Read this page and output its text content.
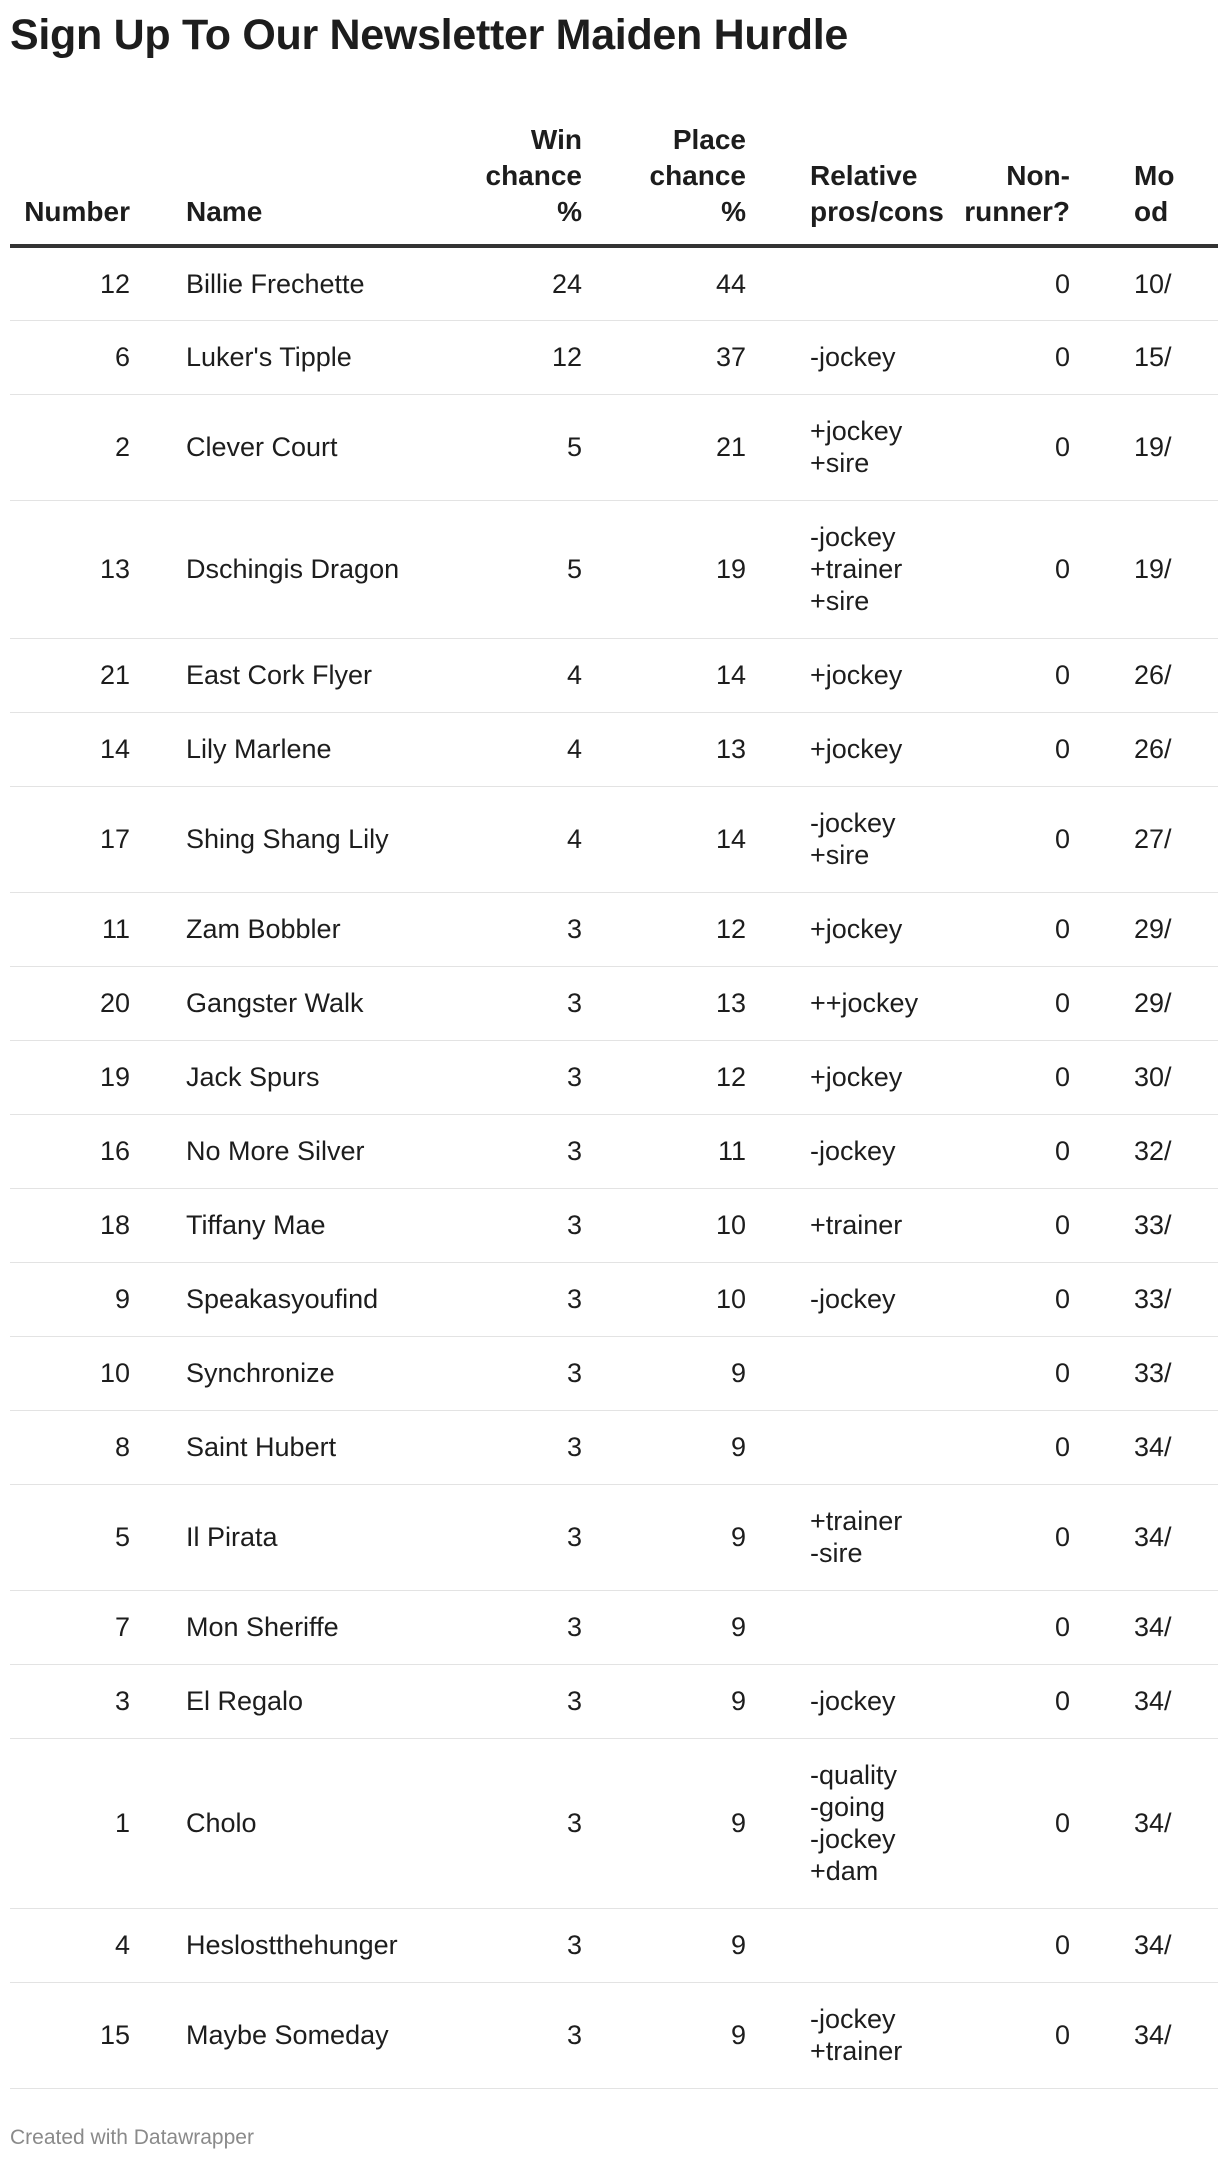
Sign Up To Our Newsletter Maiden Hurdle
Number	Name	Win
chance
%	Place
chance
%	Relative
pros/cons	Non-
runner?	Mo
od

12	Billie Frechette	24	44		0	10/
6	Luker's Tipple	12	37	-jockey	0	15/
2	Clever Court	5	21	+jockey
+sire	0	19/
13	Dschingis Dragon	5	19	-jockey
+trainer
+sire	0	19/
21	East Cork Flyer	4	14	+jockey	0	26/
14	Lily Marlene	4	13	+jockey	0	26/
17	Shing Shang Lily	4	14	-jockey
+sire	0	27/
11	Zam Bobbler	3	12	+jockey	0	29/
20	Gangster Walk	3	13	++jockey	0	29/
19	Jack Spurs	3	12	+jockey	0	30/
16	No More Silver	3	11	-jockey	0	32/
18	Tiffany Mae	3	10	+trainer	0	33/
9	Speakasyoufind	3	10	-jockey	0	33/
10	Synchronize	3	9		0	33/
8	Saint Hubert	3	9		0	34/
5	Il Pirata	3	9	+trainer
-sire	0	34/
7	Mon Sheriffe	3	9		0	34/
3	El Regalo	3	9	-jockey	0	34/
1	Cholo	3	9	-quality
-going
-jockey
+dam	0	34/
4	Heslostthehunger	3	9		0	34/
15	Maybe Someday	3	9	-jockey
+trainer	0	34/
Created with Datawrapper
